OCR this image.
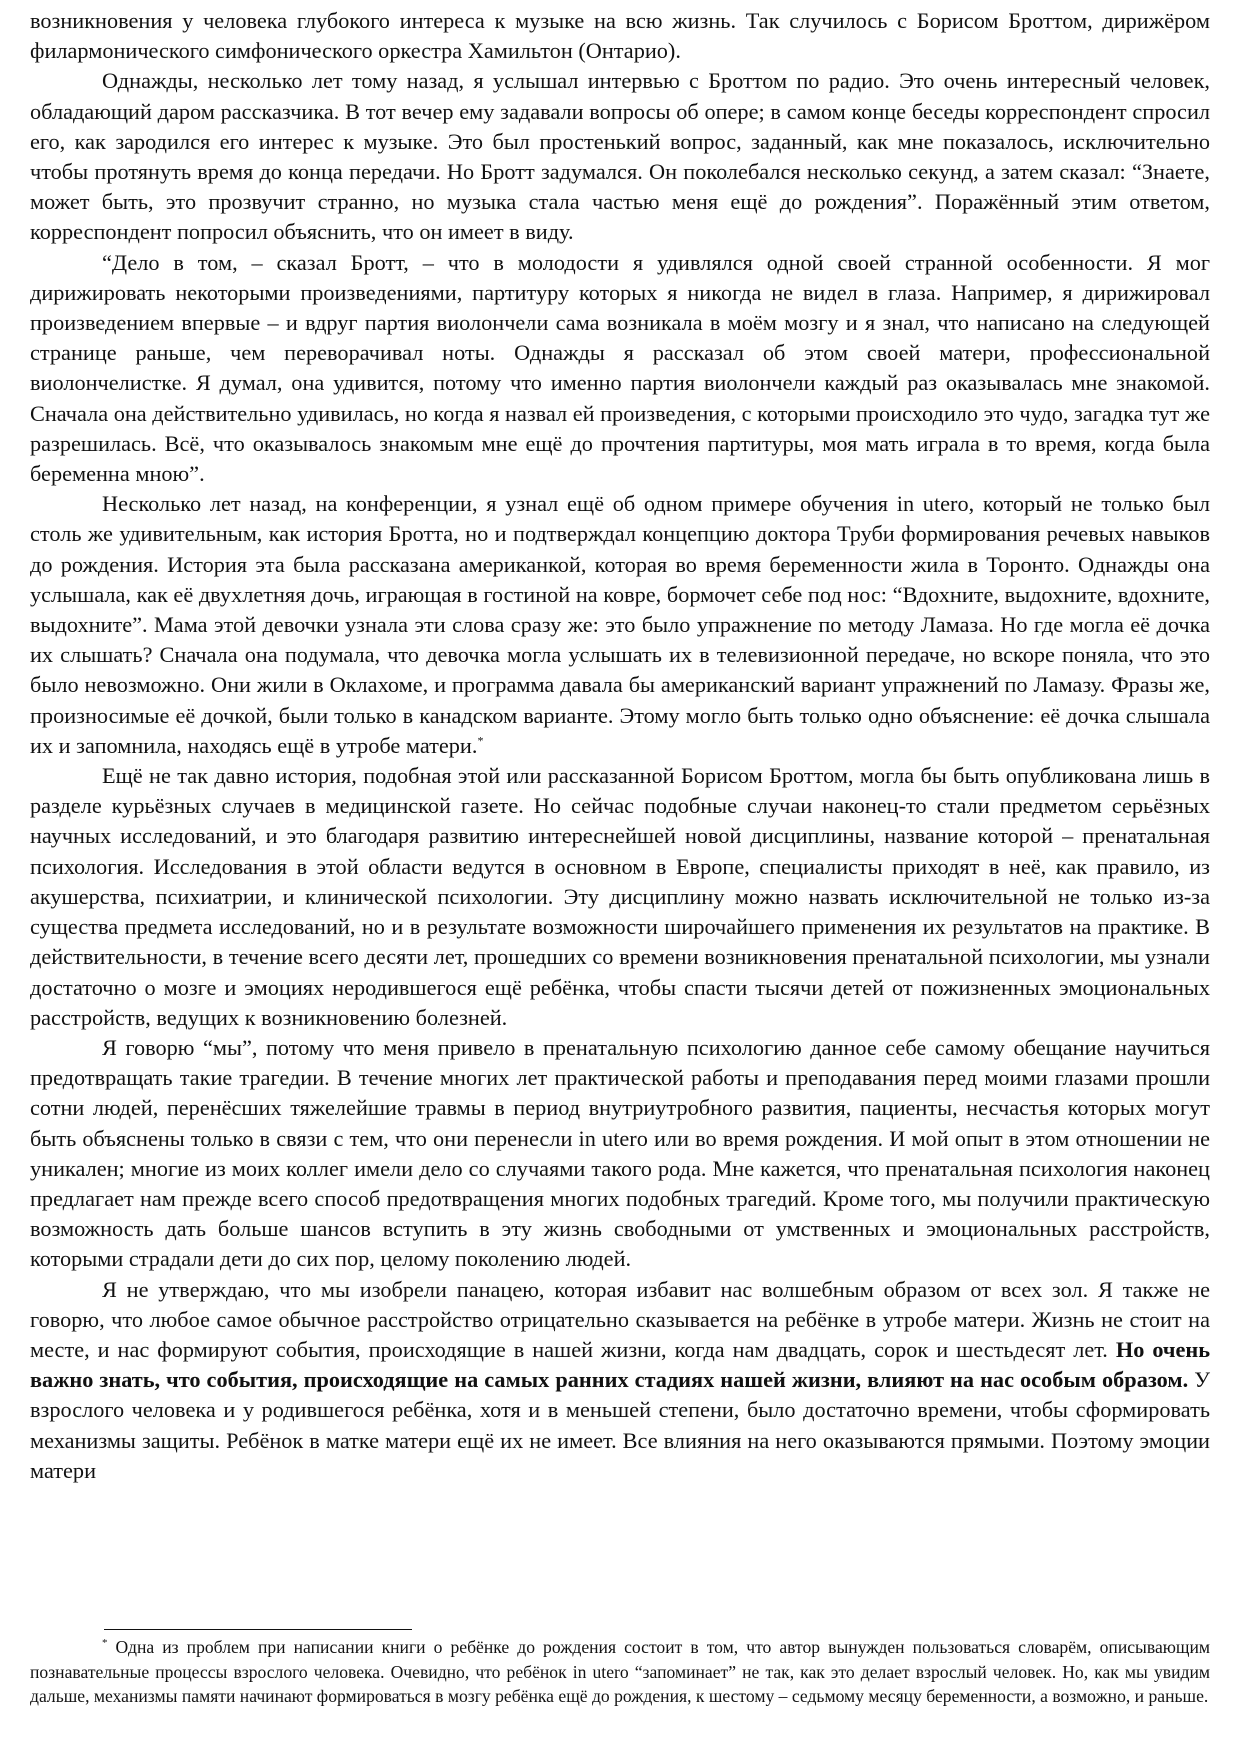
возникновения у человека глубокого интереса к музыке на всю жизнь. Так случилось с Борисом Броттом, дирижёром филармонического симфонического оркестра Хамильтон (Онтарио).

Однажды, несколько лет тому назад, я услышал интервью с Броттом по радио. Это очень интересный человек, обладающий даром рассказчика. В тот вечер ему задавали вопросы об опере; в самом конце беседы корреспондент спросил его, как зародился его интерес к музыке. Это был простенький вопрос, заданный, как мне показалось, исключительно чтобы протянуть время до конца передачи. Но Бротт задумался. Он поколебался несколько секунд, а затем сказал: “Знаете, может быть, это прозвучит странно, но музыка стала частью меня ещё до рождения”. Поражённый этим ответом, корреспондент попросил объяснить, что он имеет в виду.

“Дело в том, – сказал Бротт, – что в молодости я удивлялся одной своей странной особенности. Я мог дирижировать некоторыми произведениями, партитуру которых я никогда не видел в глаза. Например, я дирижировал произведением впервые – и вдруг партия виолончели сама возникала в моём мозгу и я знал, что написано на следующей странице раньше, чем переворачивал ноты. Однажды я рассказал об этом своей матери, профессиональной виолончелистке. Я думал, она удивится, потому что именно партия виолончели каждый раз оказывалась мне знакомой. Сначала она действительно удивилась, но когда я назвал ей произведения, с которыми происходило это чудо, загадка тут же разрешилась. Всё, что оказывалось знакомым мне ещё до прочтения партитуры, моя мать играла в то время, когда была беременна мною”.

Несколько лет назад, на конференции, я узнал ещё об одном примере обучения in utero, который не только был столь же удивительным, как история Бротта, но и подтверждал концепцию доктора Труби формирования речевых навыков до рождения. История эта была рассказана американкой, которая во время беременности жила в Торонто. Однажды она услышала, как её двухлетняя дочь, играющая в гостиной на ковре, бормочет себе под нос: “Вдохните, выдохните, вдохните, выдохните”. Мама этой девочки узнала эти слова сразу же: это было упражнение по методу Ламаза. Но где могла её дочка их слышать? Сначала она подумала, что девочка могла услышать их в телевизионной передаче, но вскоре поняла, что это было невозможно. Они жили в Оклахоме, и программа давала бы американский вариант упражнений по Ламазу. Фразы же, произносимые её дочкой, были только в канадском варианте. Этому могло быть только одно объяснение: её дочка слышала их и запомнила, находясь ещё в утробе матери.*

Ещё не так давно история, подобная этой или рассказанной Борисом Броттом, могла бы быть опубликована лишь в разделе курьёзных случаев в медицинской газете. Но сейчас подобные случаи наконец-то стали предметом серьёзных научных исследований, и это благодаря развитию интереснейшей новой дисциплины, название которой – пренатальная психология. Исследования в этой области ведутся в основном в Европе, специалисты приходят в неё, как правило, из акушерства, психиатрии, и клинической психологии. Эту дисциплину можно назвать исключительной не только из-за существа предмета исследований, но и в результате возможности широчайшего применения их результатов на практике. В действительности, в течение всего десяти лет, прошедших со времени возникновения пренатальной психологии, мы узнали достаточно о мозге и эмоциях неродившегося ещё ребёнка, чтобы спасти тысячи детей от пожизненных эмоциональных расстройств, ведущих к возникновению болезней.

Я говорю “мы”, потому что меня привело в пренатальную психологию данное себе самому обещание научиться предотвращать такие трагедии. В течение многих лет практической работы и преподавания перед моими глазами прошли сотни людей, перенёсших тяжелейшие травмы в период внутриутробного развития, пациенты, несчастья которых могут быть объяснены только в связи с тем, что они перенесли in utero или во время рождения. И мой опыт в этом отношении не уникален; многие из моих коллег имели дело со случаями такого рода. Мне кажется, что пренатальная психология наконец предлагает нам прежде всего способ предотвращения многих подобных трагедий. Кроме того, мы получили практическую возможность дать больше шансов вступить в эту жизнь свободными от умственных и эмоциональных расстройств, которыми страдали дети до сих пор, целому поколению людей.

Я не утверждаю, что мы изобрели панацею, которая избавит нас волшебным образом от всех зол. Я также не говорю, что любое самое обычное расстройство отрицательно сказывается на ребёнке в утробе матери. Жизнь не стоит на месте, и нас формируют события, происходящие в нашей жизни, когда нам двадцать, сорок и шестьдесят лет. Но очень важно знать, что события, происходящие на самых ранних стадиях нашей жизни, влияют на нас особым образом. У взрослого человека и у родившегося ребёнка, хотя и в меньшей степени, было достаточно времени, чтобы сформировать механизмы защиты. Ребёнок в матке матери ещё их не имеет. Все влияния на него оказываются прямыми. Поэтому эмоции матери

* Одна из проблем при написании книги о ребёнке до рождения состоит в том, что автор вынужден пользоваться словарём, описывающим познавательные процессы взрослого человека. Очевидно, что ребёнок in utero “запоминает” не так, как это делает взрослый человек. Но, как мы увидим дальше, механизмы памяти начинают формироваться в мозгу ребёнка ещё до рождения, к шестому – седьмому месяцу беременности, а возможно, и раньше.
